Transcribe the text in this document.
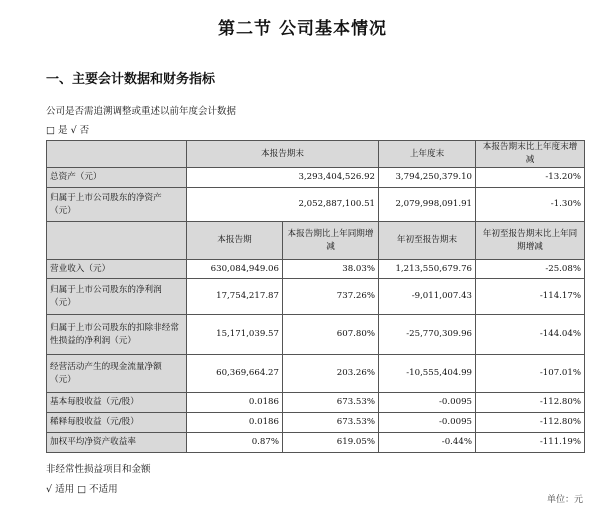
第二节 公司基本情况
一、主要会计数据和财务指标
公司是否需追溯调整或重述以前年度会计数据
□ 是 √ 否
	本报告期末		上年度末	本报告期末比上年度末增减
总资产（元）	3,293,404,526.92		3,794,250,379.10	-13.20%
归属于上市公司股东的净资产（元）	2,052,887,100.51		2,079,998,091.91	-1.30%
	本报告期	本报告期比上年同期增减	年初至报告期末	年初至报告期末比上年同期增减
营业收入（元）	630,084,949.06	38.03%	1,213,550,679.76	-25.08%
归属于上市公司股东的净利润（元）	17,754,217.87	737.26%	-9,011,007.43	-114.17%
归属于上市公司股东的扣除非经常性损益的净利润（元）	15,171,039.57	607.80%	-25,770,309.96	-144.04%
经营活动产生的现金流量净额（元）	60,369,664.27	203.26%	-10,555,404.99	-107.01%
基本每股收益（元/股）	0.0186	673.53%	-0.0095	-112.80%
稀释每股收益（元/股）	0.0186	673.53%	-0.0095	-112.80%
加权平均净资产收益率	0.87%	619.05%	-0.44%	-111.19%
非经常性损益项目和金额
√ 适用 □ 不适用
单位：元
